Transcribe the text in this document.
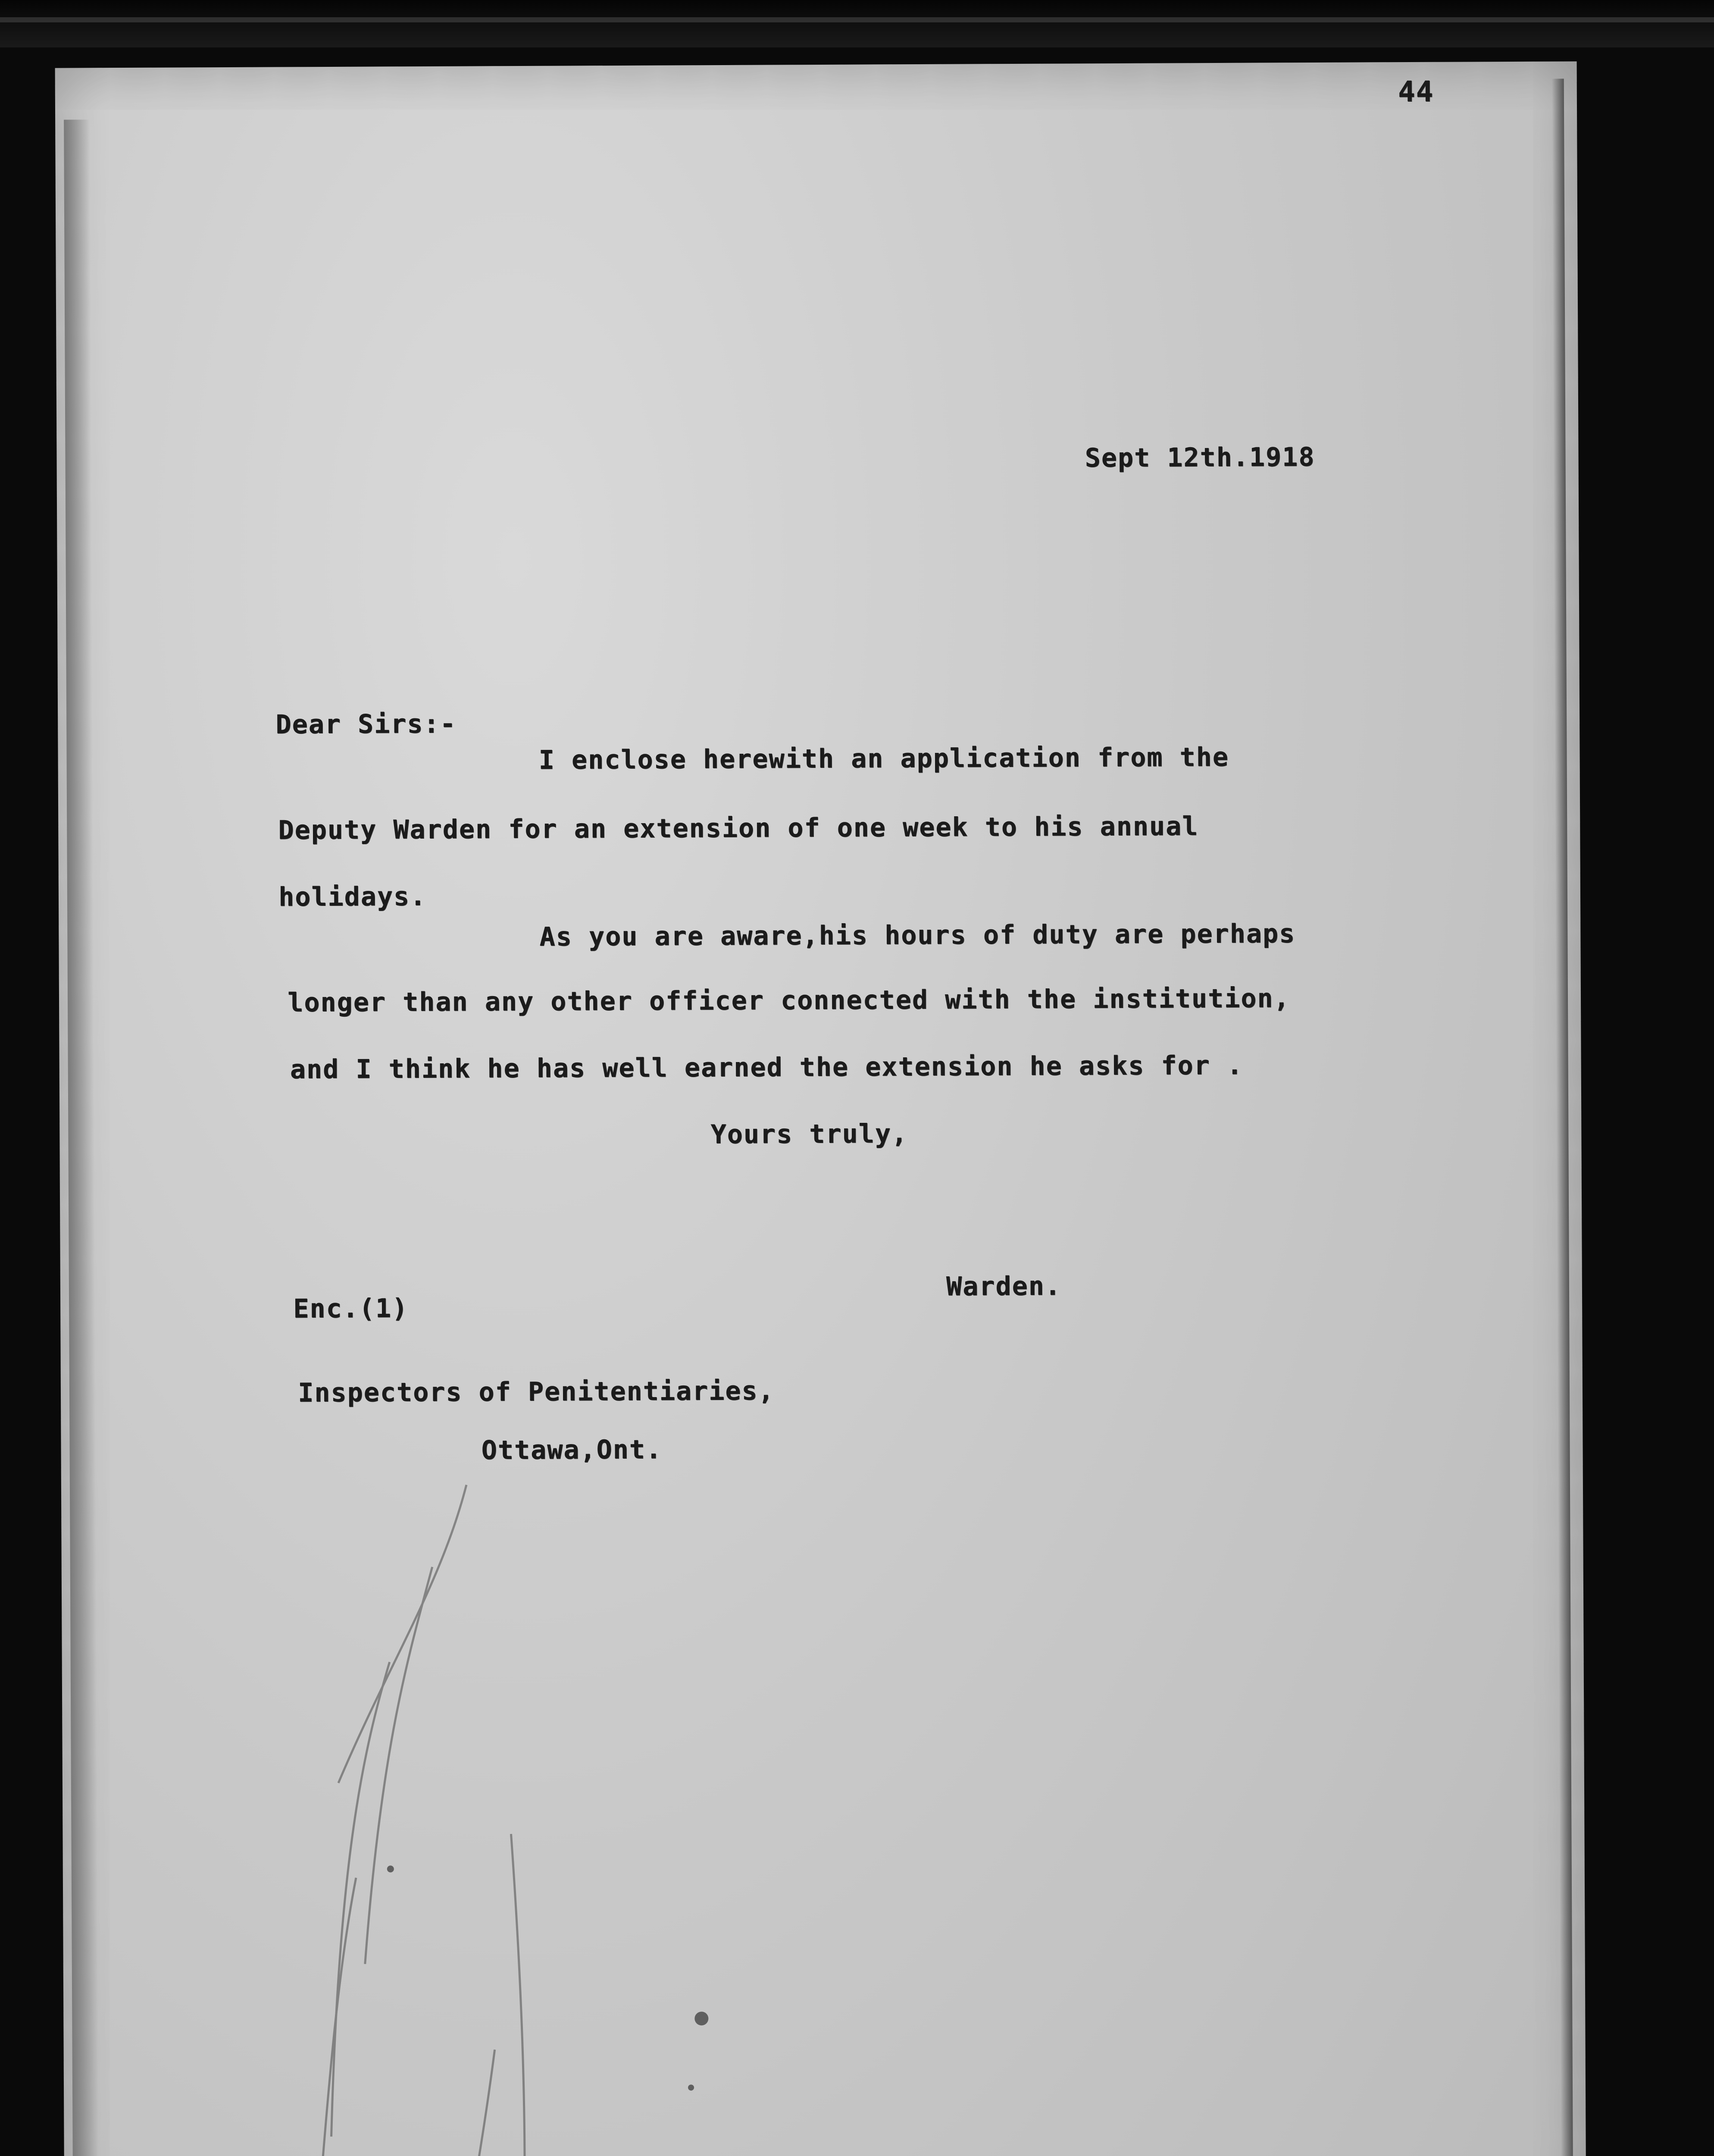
44
Sept 12th.1918
Dear Sirs:-
I enclose herewith an application from the
Deputy Warden for an extension of one week to his annual
holidays.
As you are aware,his hours of duty are perhaps
longer than any other officer connected with the institution,
and I think he has well earned the extension he asks for .
Yours truly,
Warden.
Enc.(1)
Inspectors of Penitentiaries,
Ottawa,Ont.
